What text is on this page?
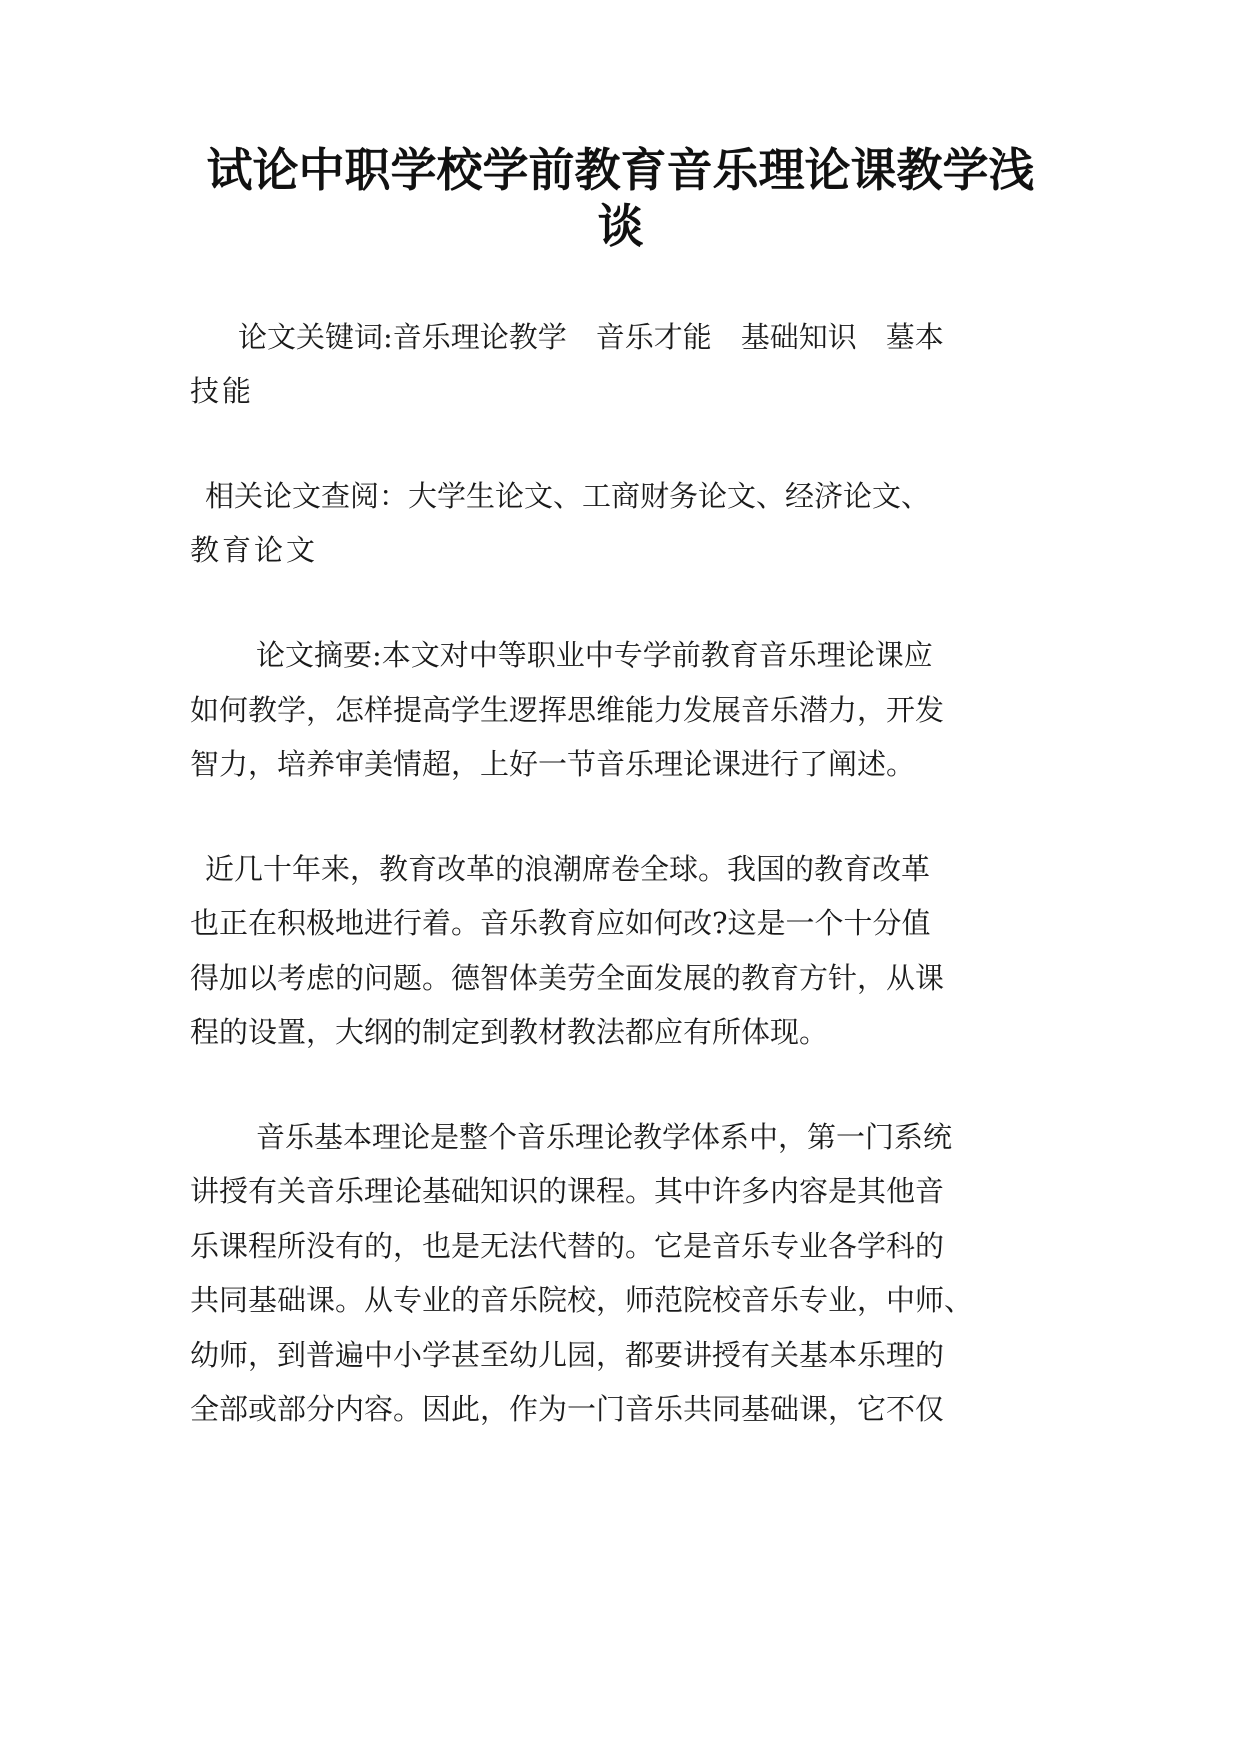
试论中职学校学前教育音乐理论课教学浅
谈
论文关键词:音乐理论教学　音乐才能　基础知识　墓本
技能
相关论文查阅：大学生论文、工商财务论文、经济论文、
教育论文
论文摘要:本文对中等职业中专学前教育音乐理论课应
如何教学，怎样提高学生逻挥思维能力发展音乐潜力，开发
智力，培养审美情超，上好一节音乐理论课进行了阐述。
近几十年来，教育改革的浪潮席卷全球。我国的教育改革
也正在积极地进行着。音乐教育应如何改?这是一个十分值
得加以考虑的问题。德智体美劳全面发展的教育方针，从课
程的设置，大纲的制定到教材教法都应有所体现。
音乐基本理论是整个音乐理论教学体系中，第一门系统
讲授有关音乐理论基础知识的课程。其中许多内容是其他音
乐课程所没有的，也是无法代替的。它是音乐专业各学科的
共同基础课。从专业的音乐院校，师范院校音乐专业，中师、
幼师，到普遍中小学甚至幼儿园，都要讲授有关基本乐理的
全部或部分内容。因此，作为一门音乐共同基础课，它不仅
